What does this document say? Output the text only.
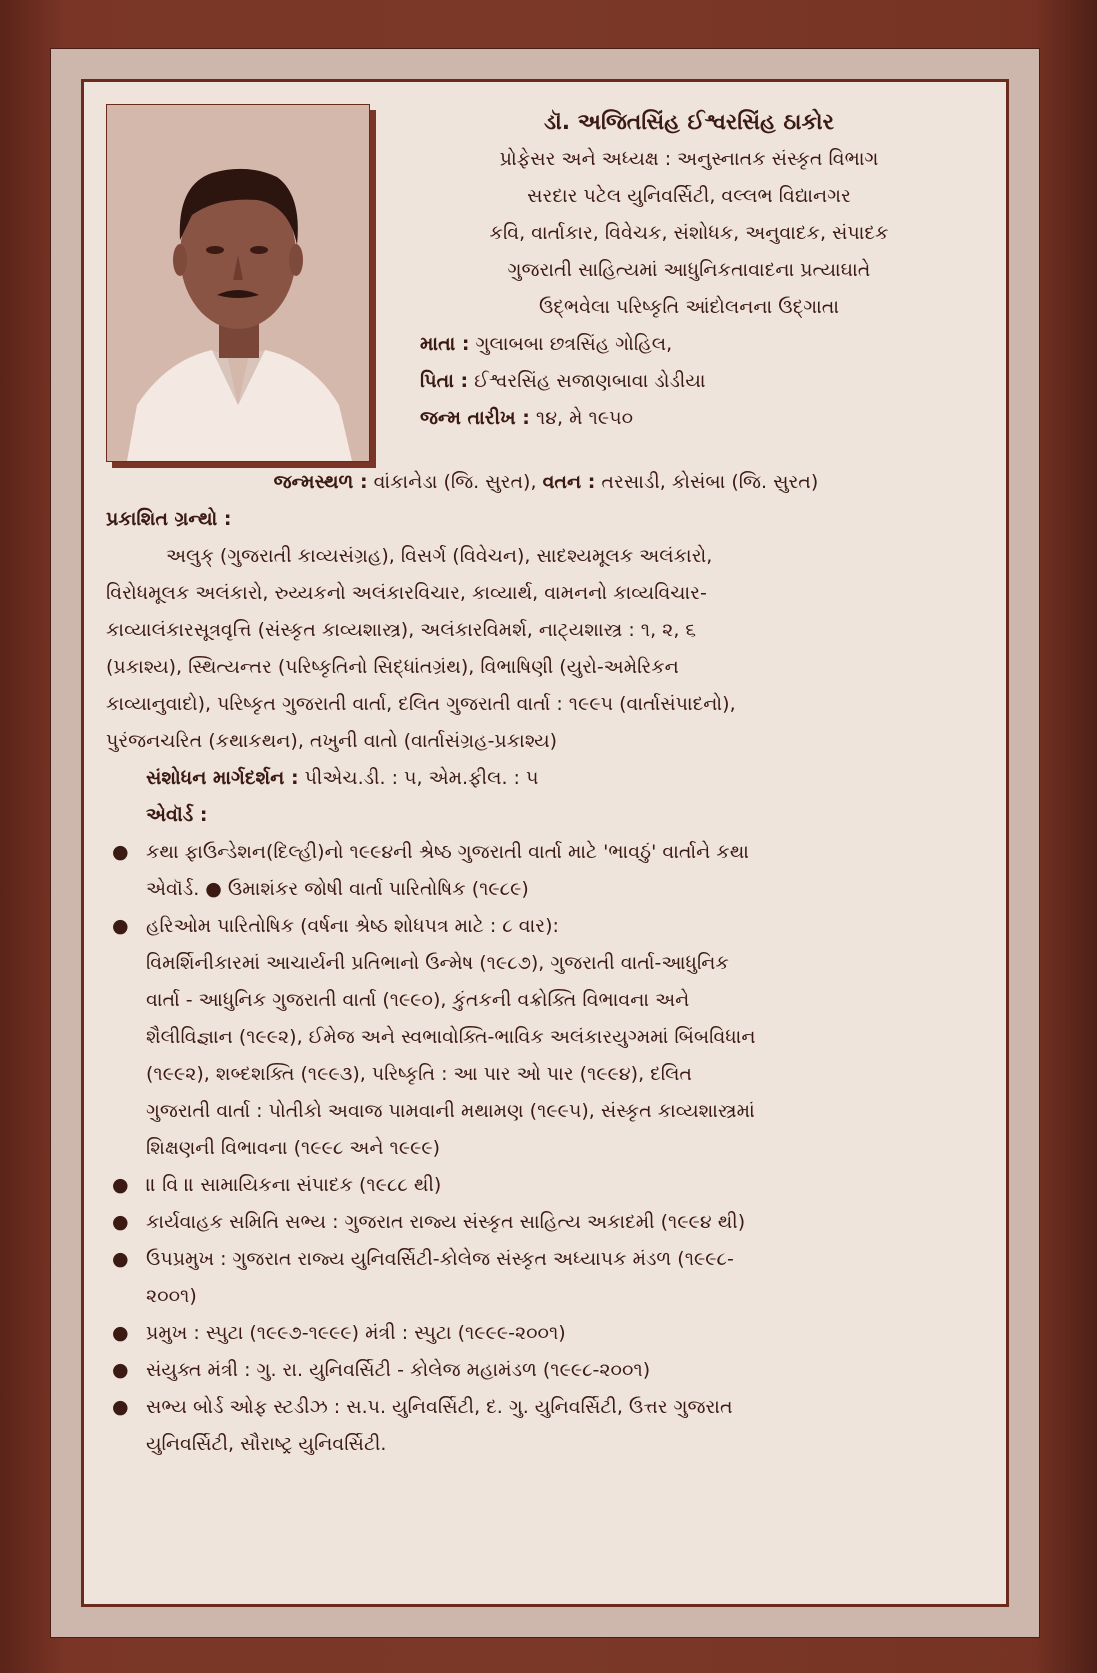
ડૉ. અજિતસિંહ ઈશ્વરસિંહ ઠાકોર
પ્રોફેસર અને અધ્યક્ષ : અનુસ્નાતક સંસ્કૃત વિભાગ
સરદાર પટેલ યુનિવર્સિટી, વલ્લભ વિદ્યાનગર
કવિ, વાર્તાકાર, વિવેચક, સંશોધક, અનુવાદક, સંપાદક
ગુજરાતી સાહિત્યમાં આધુનિકતાવાદના પ્રત્યાઘાતે
ઉદ્‌ભવેલા પરિષ્કૃતિ આંદોલનના ઉદ્‌ગાતા
માતા : ગુલાબબા છત્રસિંહ ગોહિલ,
પિતા : ઈશ્વરસિંહ સજાણબાવા ડોડીયા
જન્મ તારીખ : ૧૪, મે ૧૯૫૦
જન્મસ્થળ : વાંકાનેડા (જિ. સુરત), વતન : તરસાડી, કોસંબા (જિ. સુરત)
પ્રકાશિત ગ્રન્થો :
અલુક્ (ગુજરાતી કાવ્યસંગ્રહ), વિસર્ગ (વિવેચન), સાદશ્યમૂલક અલંકારો,
વિરોધમૂલક અલંકારો, રુય્યકનો અલંકારવિચાર, કાવ્યાર્થ, વામનનો કાવ્યવિચાર-
કાવ્યાલંકારસૂત્રવૃત્તિ (સંસ્કૃત કાવ્યશાસ્ત્ર), અલંકારવિમર્શ, નાટ્યશાસ્ત્ર : ૧, ૨, ૬
(પ્રકાશ્ય), સ્થિત્યન્તર (પરિષ્કૃતિનો સિદ્ધાંતગ્રંથ), વિભાષિણી (યુરો-અમેરિકન
કાવ્યાનુવાદો), પરિષ્કૃત ગુજરાતી વાર્તા, દલિત ગુજરાતી વાર્તા : ૧૯૯૫ (વાર્તાસંપાદનો),
પુરંજનચરિત (કથાકથન), તખુની વાતો (વાર્તાસંગ્રહ-પ્રકાશ્ય)
સંશોધન માર્ગદર્શન : પીએચ.ડી. : ૫, એમ.ફીલ. : ૫
એવૉર્ડ :
● કથા ફાઉન્ડેશન(દિલ્હી)નો ૧૯૯૪ની શ્રેષ્ઠ ગુજરાતી વાર્તા માટે 'ભાવઠું' વાર્તાને કથા
એવૉર્ડ. ● ઉમાશંકર જોષી વાર્તા પારિતોષિક (૧૯૮૯)
● હરિઓમ પારિતોષિક (વર્ષના શ્રેષ્ઠ શોધપત્ર માટે : ૮ વાર):
વિમર્શિનીકારમાં આચાર્યની પ્રતિભાનો ઉન્મેષ (૧૯૮૭), ગુજરાતી વાર્તા-આધુનિક
વાર્તા - આધુનિક ગુજરાતી વાર્તા (૧૯૯૦), કુંતકની વક્રોક્તિ વિભાવના અને
શૈલીવિજ્ઞાન (૧૯૯૨), ઈમેજ અને સ્વભાવોક્તિ-ભાવિક અલંકારયુગ્મમાં બિંબવિધાન
(૧૯૯૨), શબ્દશક્તિ (૧૯૯૩), પરિષ્કૃતિ : આ પાર ઓ પાર (૧૯૯૪), દલિત
ગુજરાતી વાર્તા : પોતીકો અવાજ પામવાની મથામણ (૧૯૯૫), સંસ્કૃત કાવ્યશાસ્ત્રમાં
શિક્ષણની વિભાવના (૧૯૯૮ અને ૧૯૯૯)
● ॥ વિ ॥ સામાયિકના સંપાદક (૧૯૮૮ થી)
● કાર્યવાહક સમિતિ સભ્ય : ગુજરાત રાજ્ય સંસ્કૃત સાહિત્ય અકાદમી (૧૯૯૪ થી)
● ઉપપ્રમુખ : ગુજરાત રાજ્ય યુનિવર્સિટી-કોલેજ સંસ્કૃત અધ્યાપક મંડળ (૧૯૯૮-
૨૦૦૧)
● પ્રમુખ : સ્પુટા (૧૯૯૭-૧૯૯૯) મંત્રી : સ્પુટા (૧૯૯૯-૨૦૦૧)
● સંયુક્ત મંત્રી : ગુ. રા. યુનિવર્સિટી - કોલેજ મહામંડળ (૧૯૯૮-૨૦૦૧)
● સભ્ય બોર્ડ ઓફ સ્ટડીઝ : સ.પ. યુનિવર્સિટી, દ. ગુ. યુનિવર્સિટી, ઉત્તર ગુજરાત
યુનિવર્સિટી, સૌરાષ્ટ્ર યુનિવર્સિટી.
